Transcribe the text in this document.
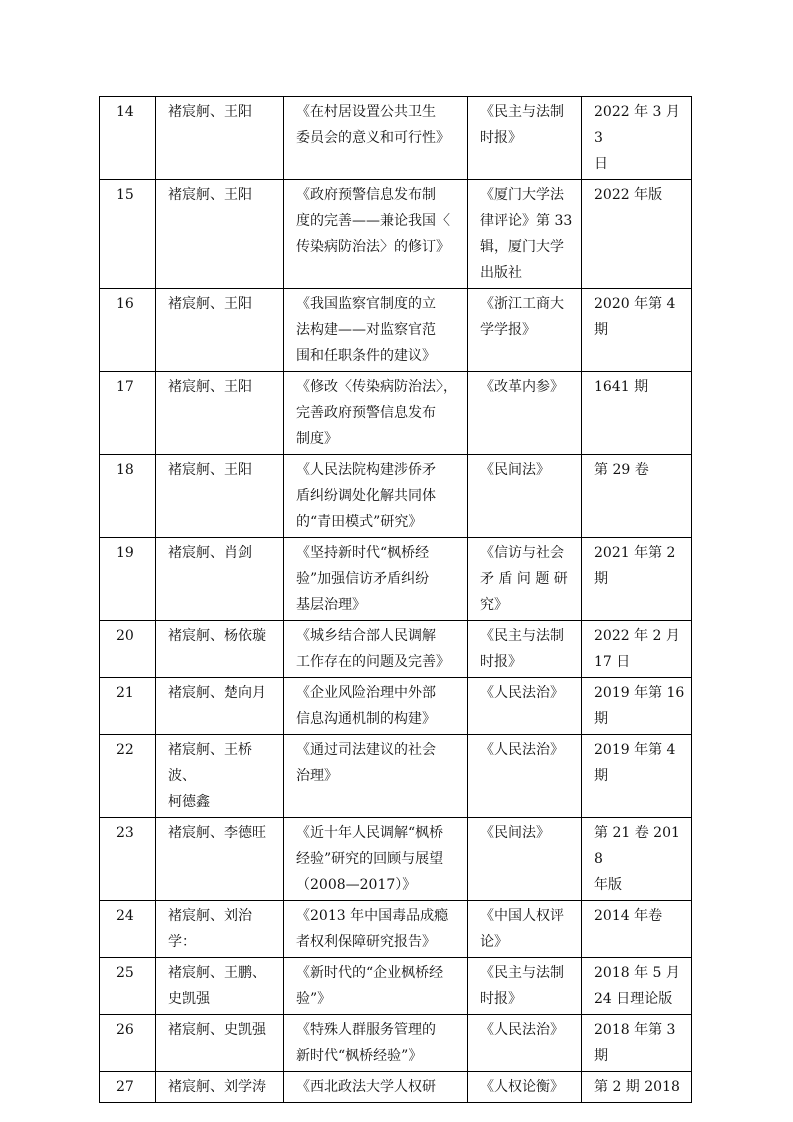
14	褚宸舸、王阳	《在村居设置公共卫生
委员会的意义和可行性》	《民主与法制
时报》	2022 年 3 月 3
日

15	褚宸舸、王阳	《政府预警信息发布制
度的完善——兼论我国〈
传染病防治法〉的修订》	《厦门大学法
律评论》第 33
辑，厦门大学
出版社	2022 年版

16	褚宸舸、王阳	《我国监察官制度的立
法构建——对监察官范
围和任职条件的建议》	《浙江工商大
学学报》	2020 年第 4
期

17	褚宸舸、王阳	《修改〈传染病防治法〉，
完善政府预警信息发布
制度》	《改革内参》	1641 期

18	褚宸舸、王阳	《人民法院构建涉侨矛
盾纠纷调处化解共同体
的“青田模式”研究》	《民间法》	第 29 卷

19	褚宸舸、肖剑	《坚持新时代“枫桥经
验”加强信访矛盾纠纷
基层治理》	《信访与社会
矛 盾 问 题 研
究》	2021 年第 2
期

20	褚宸舸、杨依璇	《城乡结合部人民调解
工作存在的问题及完善》	《民主与法制
时报》	2022 年 2 月
17 日

21	褚宸舸、楚向月	《企业风险治理中外部
信息沟通机制的构建》	《人民法治》	2019 年第 16
期

22	褚宸舸、王桥波、
柯德鑫	《通过司法建议的社会
治理》	《人民法治》	2019 年第 4
期

23	褚宸舸、李德旺	《近十年人民调解“枫桥
经验”研究的回顾与展望
（2008—2017）》	《民间法》	第 21 卷 2018
年版

24	褚宸舸、刘治学：	《2013 年中国毒品成瘾
者权利保障研究报告》	《中国人权评
论》	2014 年卷

25	褚宸舸、王鹏、
史凯强	《新时代的“企业枫桥经
验”》	《民主与法制
时报》	2018 年 5 月
24 日理论版

26	褚宸舸、史凯强	《特殊人群服务管理的
新时代“枫桥经验”》	《人民法治》	2018 年第 3
期

27	褚宸舸、刘学涛	《西北政法大学人权研	《人权论衡》	第 2 期 2018
